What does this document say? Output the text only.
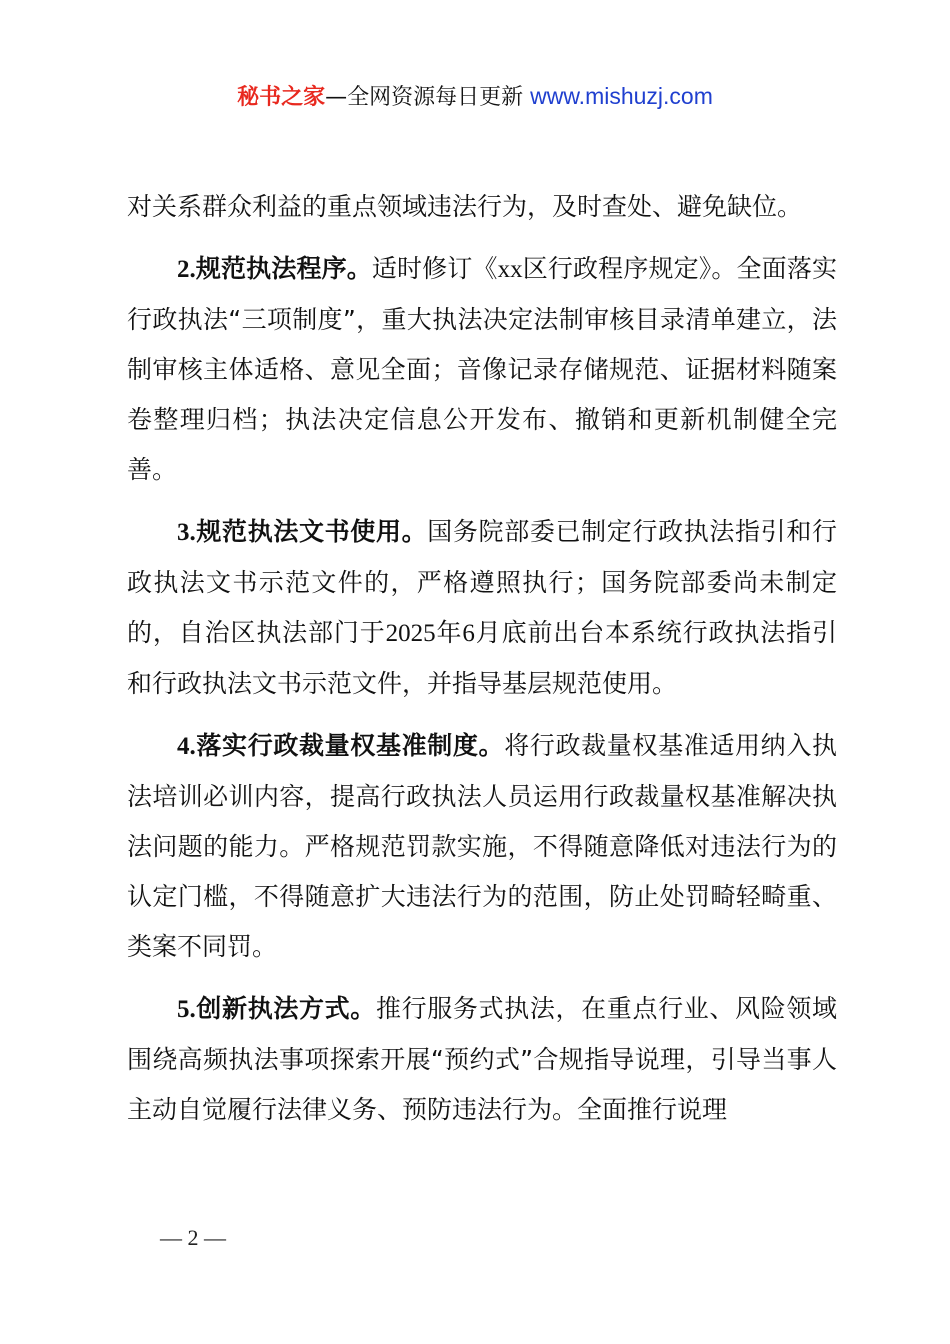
秘书之家—全网资源每日更新 www.mishuzj.com

对关系群众利益的重点领域违法行为，及时查处、避免缺位。

2.规范执法程序。适时修订《xx区行政程序规定》。全面落实行政执法“三项制度”，重大执法决定法制审核目录清单建立，法制审核主体适格、意见全面；音像记录存储规范、证据材料随案卷整理归档；执法决定信息公开发布、撤销和更新机制健全完善。

3.规范执法文书使用。国务院部委已制定行政执法指引和行政执法文书示范文件的，严格遵照执行；国务院部委尚未制定的，自治区执法部门于2025年6月底前出台本系统行政执法指引和行政执法文书示范文件，并指导基层规范使用。

4.落实行政裁量权基准制度。将行政裁量权基准适用纳入执法培训必训内容，提高行政执法人员运用行政裁量权基准解决执法问题的能力。严格规范罚款实施，不得随意降低对违法行为的认定门槛，不得随意扩大违法行为的范围，防止处罚畸轻畸重、类案不同罚。

5.创新执法方式。推行服务式执法，在重点行业、风险领域围绕高频执法事项探索开展“预约式”合规指导说理，引导当事人主动自觉履行法律义务、预防违法行为。全面推行说理

— 2 —
